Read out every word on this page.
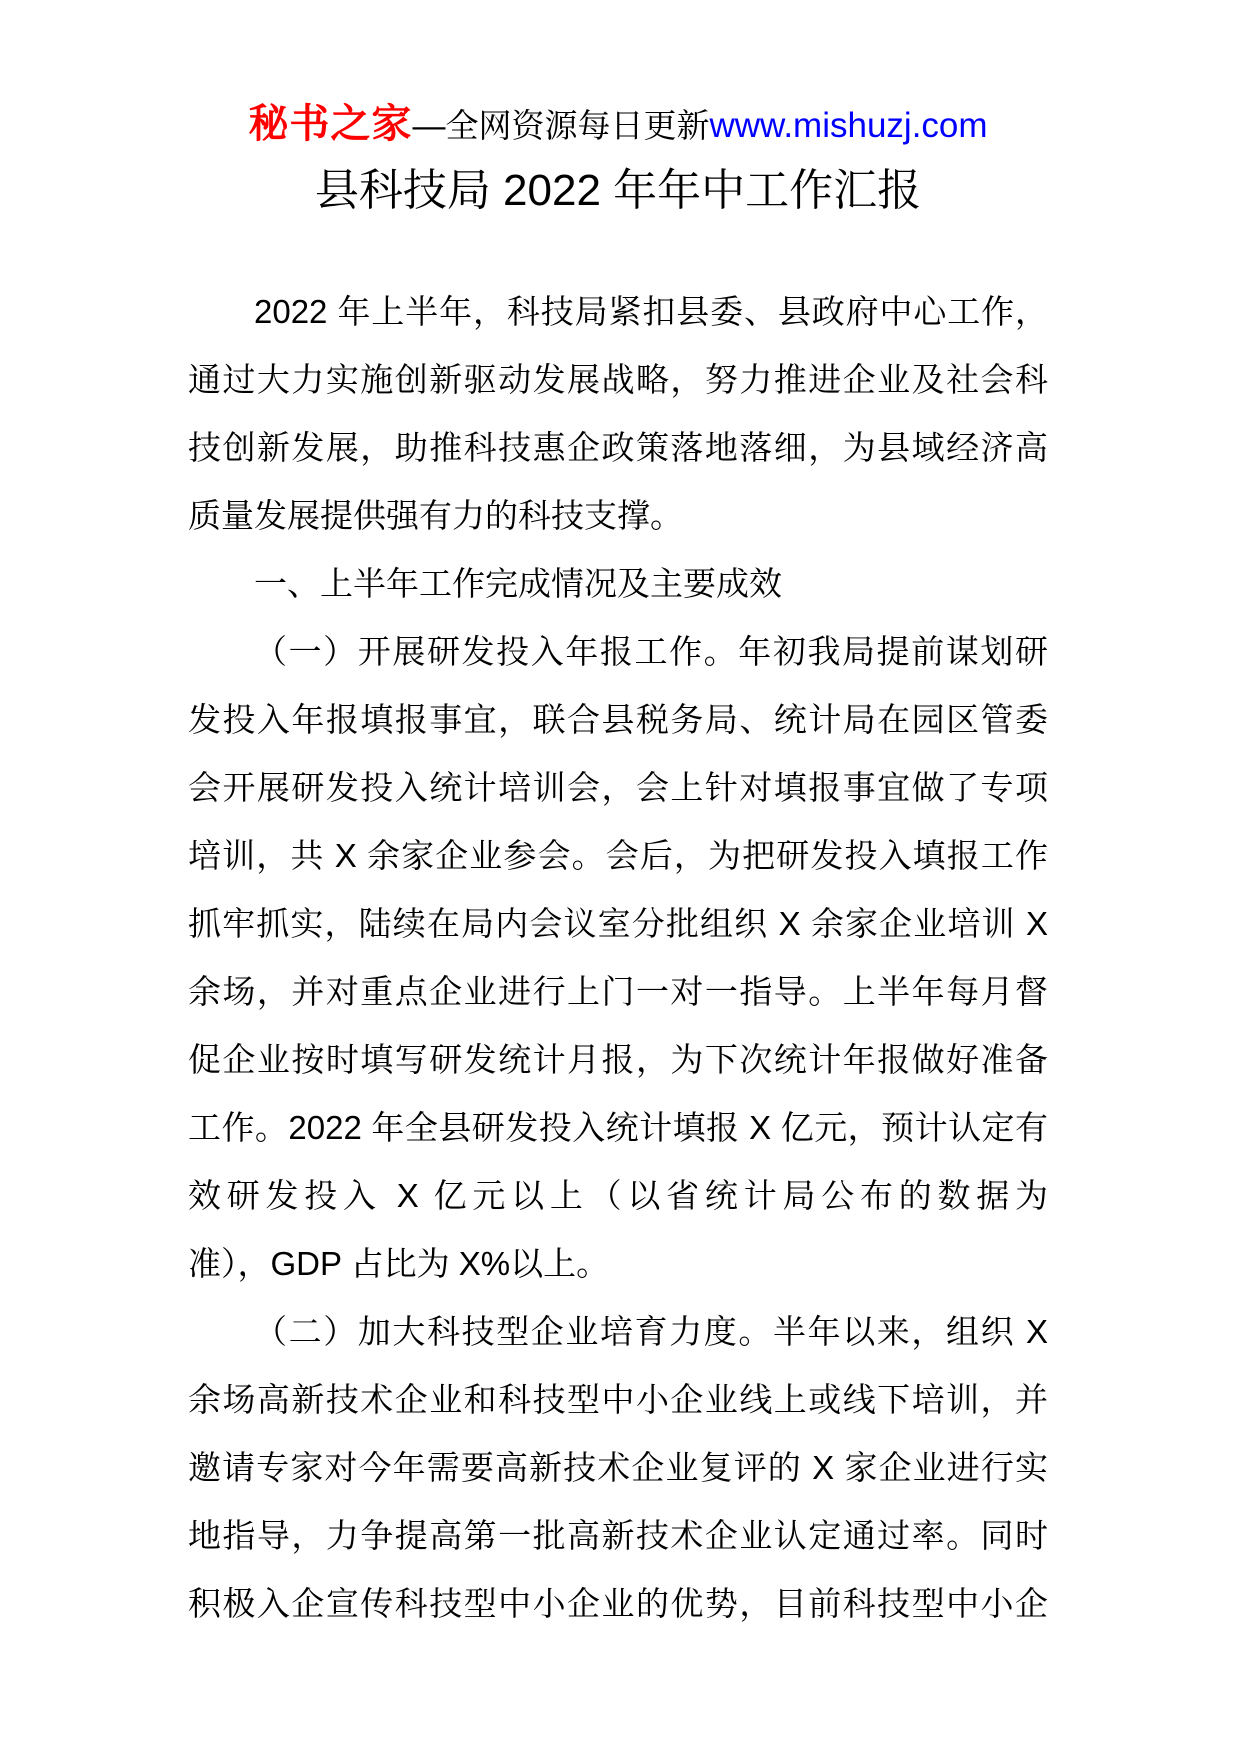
秘书之家 —全网资源每日更新 www.mishuzj.com
县科技局 2022 年年中工作汇报
2022 年上半年，科技局紧扣县委、县政府中心工作，
通过大力实施创新驱动发展战略，努力推进企业及社会科
技创新发展，助推科技惠企政策落地落细，为县域经济高
质量发展提供强有力的科技支撑。
一、上半年工作完成情况及主要成效
（一）开展研发投入年报工作。年初我局提前谋划研
发投入年报填报事宜，联合县税务局、统计局在园区管委
会开展研发投入统计培训会，会上针对填报事宜做了专项
培训，共 X 余家企业参会。会后，为把研发投入填报工作
抓牢抓实，陆续在局内会议室分批组织 X 余家企业培训 X
余场，并对重点企业进行上门一对一指导。上半年每月督
促企业按时填写研发统计月报，为下次统计年报做好准备
工作。2022 年全县研发投入统计填报 X 亿元，预计认定有
效研发投入 X 亿元以上（以省统计局公布的数据为
准），GDP 占比为 X%以上。
（二）加大科技型企业培育力度。半年以来，组织 X
余场高新技术企业和科技型中小企业线上或线下培训，并
邀请专家对今年需要高新技术企业复评的 X 家企业进行实
地指导，力争提高第一批高新技术企业认定通过率。同时
积极入企宣传科技型中小企业的优势，目前科技型中小企
